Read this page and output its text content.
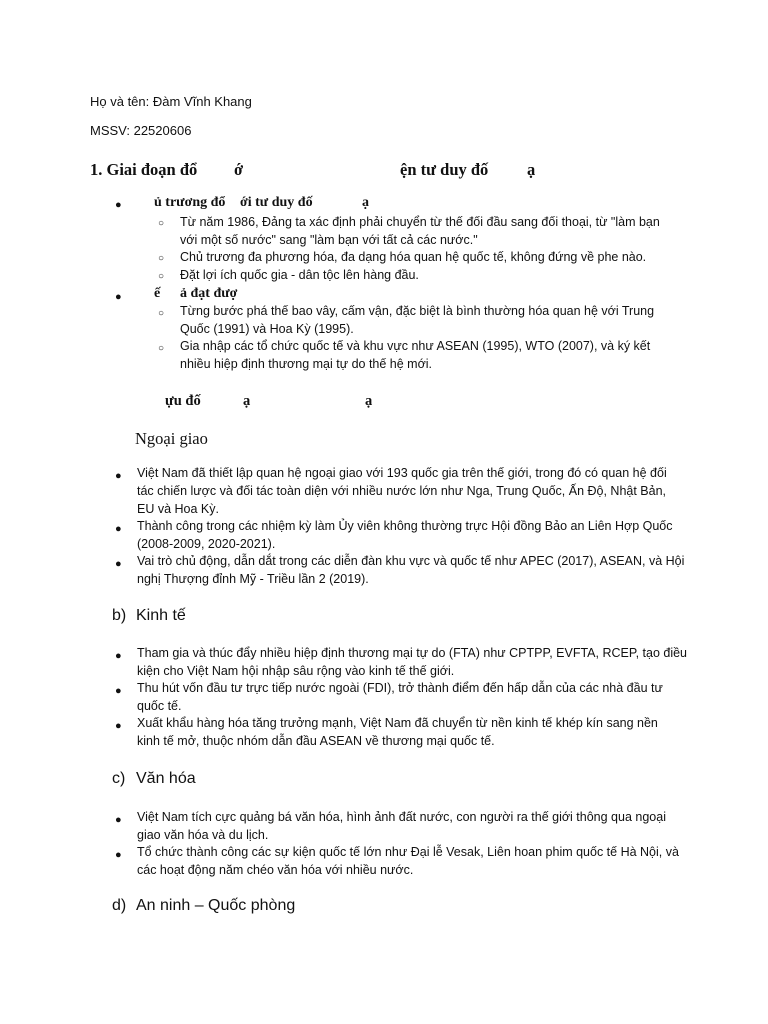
Họ và tên: Đàm Vĩnh Khang
MSSV: 22520606
1. Giai đoạn đổ ớ	ện tư duy đố ạ
● ủ trương đổ ới tư duy đố	ạ
○ Từ năm 1986, Đảng ta xác định phải chuyển từ thế đối đầu sang đối thoại, từ "làm bạn
với một số nước" sang "làm bạn với tất cả các nước."
○ Chủ trương đa phương hóa, đa dạng hóa quan hệ quốc tế, không đứng về phe nào.
○ Đặt lợi ích quốc gia - dân tộc lên hàng đầu.
● ế ả đạt đượ
○ Từng bước phá thế bao vây, cấm vận, đặc biệt là bình thường hóa quan hệ với Trung
Quốc (1991) và Hoa Kỳ (1995).
○ Gia nhập các tổ chức quốc tế và khu vực như ASEAN (1995), WTO (2007), và ký kết
nhiều hiệp định thương mại tự do thế hệ mới.
ựu đố	ạ	ạ
Ngoại giao
● Việt Nam đã thiết lập quan hệ ngoại giao với 193 quốc gia trên thế giới, trong đó có quan hệ đối
tác chiến lược và đối tác toàn diện với nhiều nước lớn như Nga, Trung Quốc, Ấn Độ, Nhật Bản,
EU và Hoa Kỳ.
● Thành công trong các nhiệm kỳ làm Ủy viên không thường trực Hội đồng Bảo an Liên Hợp Quốc
(2008-2009, 2020-2021).
● Vai trò chủ động, dẫn dắt trong các diễn đàn khu vực và quốc tế như APEC (2017), ASEAN, và Hội
nghị Thượng đỉnh Mỹ - Triều lần 2 (2019).
b) Kinh tế
● Tham gia và thúc đẩy nhiều hiệp định thương mại tự do (FTA) như CPTPP, EVFTA, RCEP, tạo điều
kiện cho Việt Nam hội nhập sâu rộng vào kinh tế thế giới.
● Thu hút vốn đầu tư trực tiếp nước ngoài (FDI), trở thành điểm đến hấp dẫn của các nhà đầu tư
quốc tế.
● Xuất khẩu hàng hóa tăng trưởng mạnh, Việt Nam đã chuyển từ nền kinh tế khép kín sang nền
kinh tế mở, thuộc nhóm dẫn đầu ASEAN về thương mại quốc tế.
c) Văn hóa
● Việt Nam tích cực quảng bá văn hóa, hình ảnh đất nước, con người ra thế giới thông qua ngoại
giao văn hóa và du lịch.
● Tổ chức thành công các sự kiện quốc tế lớn như Đại lễ Vesak, Liên hoan phim quốc tế Hà Nội, và
các hoạt động năm chéo văn hóa với nhiều nước.
d) An ninh – Quốc phòng
